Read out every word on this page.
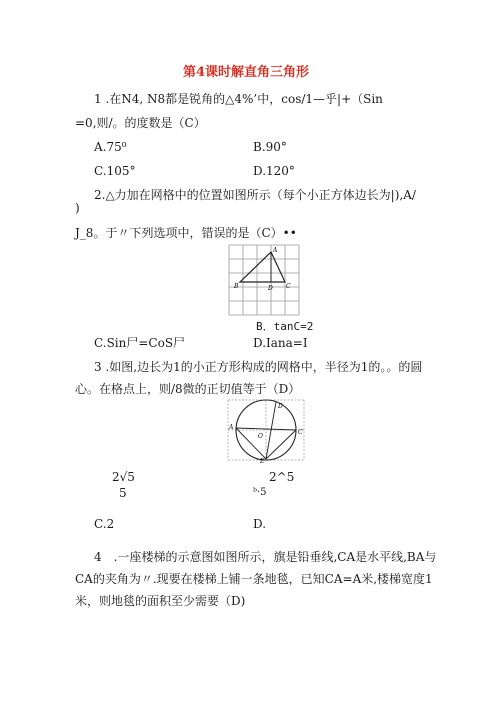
第4课时解直角三角形
1 .在N4, N8都是锐角的△4%’中，cos/1—乎|+（Sin
=0,则/。的度数是（C）
A.75⁰	B.90°
C.105°	D.120°
2.△力加在网格中的位置如图所示（每个小正方体边长为|),A/
)
J_8。于〃下列选项中，错误的是（C）••
A
B	D C
B．tanC=2
C.Sin尸=CoS尸	D.Iana=I
3 .如图,边长为1的小正方形构成的网格中，半径为1的。。的圆
心。在格点上，则/8微的正切值等于（D）
D
A
O
C
E
2√5
5
2^5
ᵇ·5
C.2	D.
4　.一座楼梯的示意图如图所示，旗是铅垂线,CA是水平线,BA与
CA的夹角为〃.现要在楼梯上铺一条地毯，已知CA=A米,楼梯宽度1
米，则地毯的面积至少需要（D)
